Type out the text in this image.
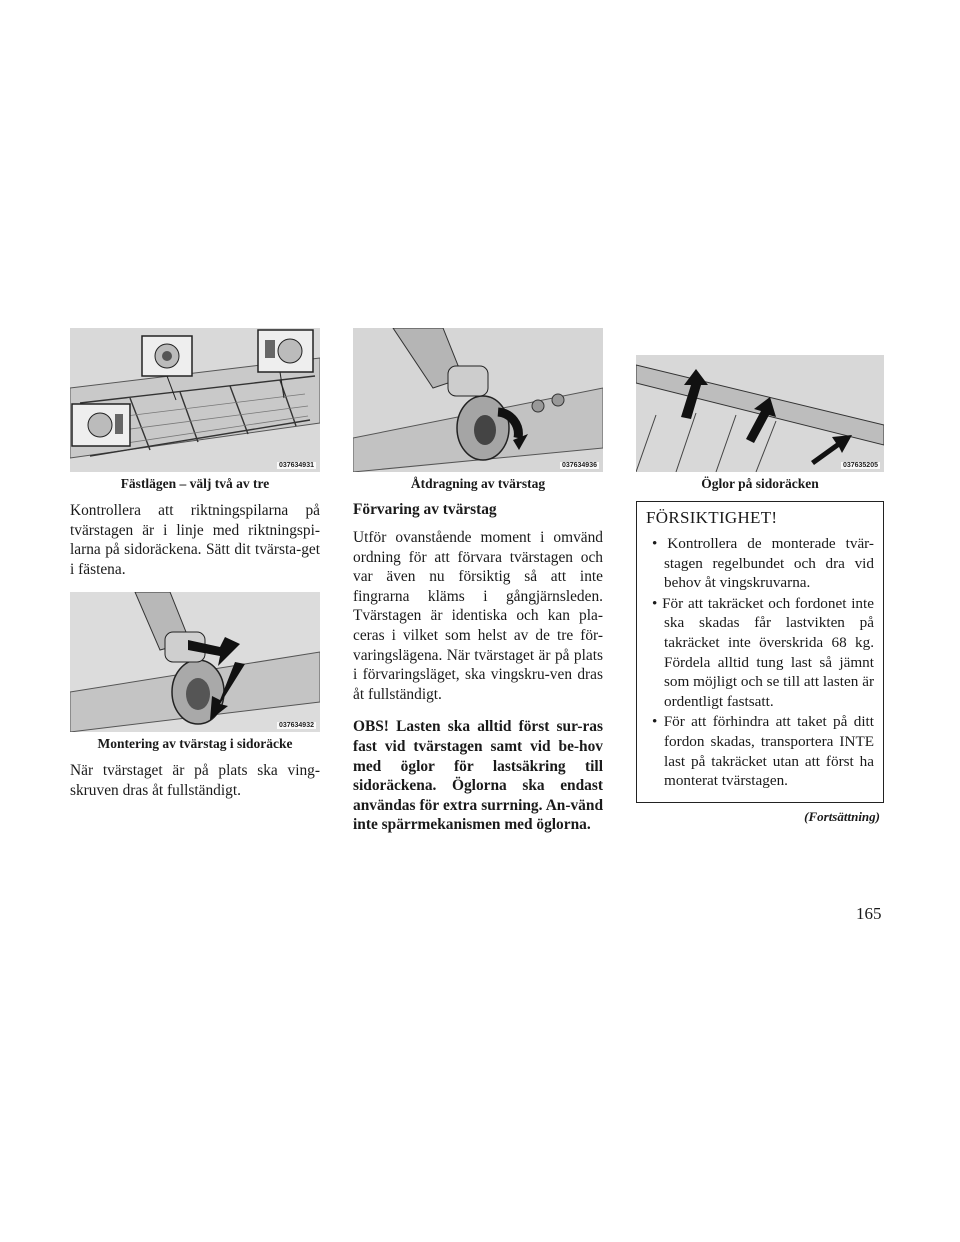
037634931
Fästlägen – välj två av tre

Kontrollera att riktningspilarna på tvärstagen är i linje med riktningspi-larna på sidoräckena. Sätt dit tvärsta-get i fästena.

037634932
Montering av tvärstag i sidoräcke

När tvärstaget är på plats ska ving-skruven dras åt fullständigt.

037634936
Åtdragning av tvärstag
Förvaring av tvärstag

Utför ovanstående moment i omvänd ordning för att förvara tvärstagen och var även nu försiktig så att inte fingrarna kläms i gångjärnsleden. Tvärstagen är identiska och kan pla-ceras i vilket som helst av de tre för-varingslägena. När tvärstaget är på plats i förvaringsläget, ska vingskru-ven dras åt fullständigt.

OBS! Lasten ska alltid först sur-ras fast vid tvärstagen samt vid be-hov med öglor för lastsäkring till sidoräckena. Öglorna ska endast användas för extra surrning. An-vänd inte spärrmekanismen med öglorna.

037635205
Öglor på sidoräcken
FÖRSIKTIGHET!
• Kontrollera de monterade tvär-stagen regelbundet och dra vid behov åt vingskruvarna.
• För att takräcket och fordonet inte ska skadas får lastvikten på takräcket inte överskrida 68 kg. Fördela alltid tung last så jämnt som möjligt och se till att lasten är ordentligt fastsatt.
• För att förhindra att taket på ditt fordon skadas, transportera INTE last på takräcket utan att först ha monterat tvärstagen.
(Fortsättning)
165
